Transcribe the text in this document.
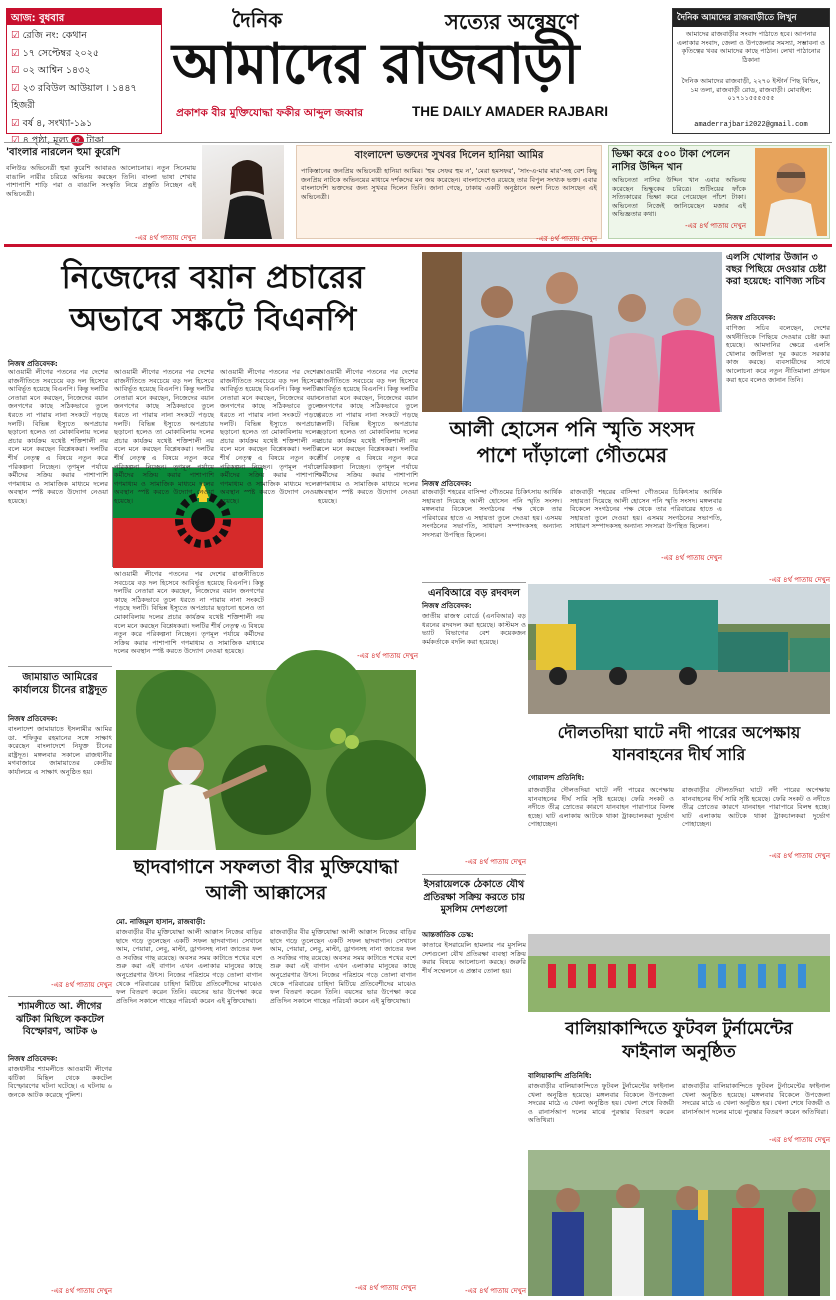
আজ: বুধবার
☑ রেজি নং: কেথান
☑ ১৭ সেপ্টেম্বর ২০২৫
☑ ০২ আশ্বিন ১৪৩২
☑ ২৩ রবিউল আউয়াল । ১৪৪৭ হিজরী
☑ বর্ষ ৪, সংখ্যা-১৯১
☑ ৪ পৃষ্ঠা, মূল্য ৫ টাকা
দৈনিক	সত্যের অন্বেষণে
আমাদের রাজবাড়ী
প্রকাশক বীর মুক্তিযোদ্ধা ফকীর আব্দুল জব্বার	THE DAILY AMADER RAJBARI
দৈনিক আমাদের রাজবাড়ীতে লিখুন
আমাদের রাজবাড়ীর সংবাদ পাঠাতে হবে। আপনার এলাকার সংবাদ, জেলা ও উপজেলার সমস্যা, সম্ভাবনা ও কৃতিত্বের খবর আমাদের কাছে পাঠান। লেখা পাঠানোর ঠিকানা
দৈনিক আমাদের রাজবাড়ী, ২২৭০ ইস্টার্ন পিছ বিল্ডিং, ১ম তলা, রাজবাড়ী রোড, রাজবাড়ী। মোবাইল: ০১৭১১৫৫৫৫৫৫
amaderrajbari2022@gmail.com
'বাংলার নারলেন হুমা কুরেশি
বলিউড অভিনেত্রী হুমা কুরেশি আবারও আলোচনায়। নতুন সিনেমায় বাঙালি নারীর চরিত্রে অভিনয় করছেন তিনি। বাংলা ভাষা শেখার পাশাপাশি শাড়ি পরা ও বাঙালি সংস্কৃতি নিয়ে প্রস্তুতি নিচ্ছেন এই অভিনেত্রী।
-এর ৪র্থ পাতায় দেখুন
বাংলাদেশ ভক্তদের সুখবর দিলেন হানিয়া আমির
পাকিস্তানের জনপ্রিয় অভিনেত্রী হানিয়া আমির। 'হুম সেফর হুম ন', 'মেরা হমসফর', 'সাং-এ-মার মার'-সহ বেশ কিছু জনপ্রিয় নাটকে অভিনয়ের মাধ্যমে দর্শকদের মন জয় করেছেন। বাংলাদেশেও রয়েছে তার বিপুল সংখ্যক ভক্ত। এবার বাংলাদেশি ভক্তদের জন্য সুখবর দিলেন তিনি। জানা গেছে, ঢাকায় একটি অনুষ্ঠানে অংশ নিতে আসছেন এই অভিনেত্রী।
-এর ৪র্থ পাতায় দেখুন
ভিক্ষা করে ৫০০ টাকা পেলেন নাসির উদ্দিন খান
অভিনেতা নাসির উদ্দিন খান এবার অভিনয় করেছেন ভিক্ষুকের চরিত্রে। শুটিংয়ের ফাঁকে সত্যিকারের ভিক্ষা করে পেয়েছেন পাঁচশ টাকা। অভিনেতা নিজেই জানিয়েছেন মজার এই অভিজ্ঞতার কথা।
-এর ৪র্থ পাতায় দেখুন
নিজেদের বয়ান প্রচারের অভাবে সঙ্কটে বিএনপি
নিজস্ব প্রতিবেদক:
আওয়ামী লীগের পতনের পর দেশের রাজনীতিতে সবচেয়ে বড় দল হিসেবে আবির্ভূত হয়েছে বিএনপি। কিন্তু দলটির নেতারা মনে করছেন, নিজেদের বয়ান জনগণের কাছে সঠিকভাবে তুলে ধরতে না পারায় নানা সংকটে পড়ছে দলটি। বিভিন্ন ইস্যুতে অপপ্রচার ছড়ানো হলেও তা মোকাবিলায় দলের প্রচার কার্যক্রম যথেষ্ট শক্তিশালী নয় বলে মনে করছেন বিশ্লেষকরা। দলটির শীর্ষ নেতৃত্ব এ বিষয়ে নতুন করে পরিকল্পনা নিচ্ছেন। তৃণমূল পর্যায়ে কর্মীদের সক্রিয় করার পাশাপাশি গণমাধ্যম ও সামাজিক মাধ্যমে দলের অবস্থান স্পষ্ট করতে উদ্যোগ নেওয়া হয়েছে।
আওয়ামী লীগের পতনের পর দেশের রাজনীতিতে সবচেয়ে বড় দল হিসেবে আবির্ভূত হয়েছে বিএনপি। কিন্তু দলটির নেতারা মনে করছেন, নিজেদের বয়ান জনগণের কাছে সঠিকভাবে তুলে ধরতে না পারায় নানা সংকটে পড়ছে দলটি। বিভিন্ন ইস্যুতে অপপ্রচার ছড়ানো হলেও তা মোকাবিলায় দলের প্রচার কার্যক্রম যথেষ্ট শক্তিশালী নয় বলে মনে করছেন বিশ্লেষকরা। দলটির শীর্ষ নেতৃত্ব এ বিষয়ে নতুন করে পরিকল্পনা নিচ্ছেন। তৃণমূল পর্যায়ে কর্মীদের সক্রিয় করার পাশাপাশি গণমাধ্যম ও সামাজিক মাধ্যমে দলের অবস্থান স্পষ্ট করতে উদ্যোগ নেওয়া হয়েছে।
আওয়ামী লীগের পতনের পর দেশের রাজনীতিতে সবচেয়ে বড় দল হিসেবে আবির্ভূত হয়েছে বিএনপি। কিন্তু দলটির নেতারা মনে করছেন, নিজেদের বয়ান জনগণের কাছে সঠিকভাবে তুলে ধরতে না পারায় নানা সংকটে পড়ছে দলটি। বিভিন্ন ইস্যুতে অপপ্রচার ছড়ানো হলেও তা মোকাবিলায় দলের প্রচার কার্যক্রম যথেষ্ট শক্তিশালী নয় বলে মনে করছেন বিশ্লেষকরা। দলটির শীর্ষ নেতৃত্ব এ বিষয়ে নতুন করে পরিকল্পনা নিচ্ছেন। তৃণমূল পর্যায়ে কর্মীদের সক্রিয় করার পাশাপাশি গণমাধ্যম ও সামাজিক মাধ্যমে দলের অবস্থান স্পষ্ট করতে উদ্যোগ নেওয়া হয়েছে।
আওয়ামী লীগের পতনের পর দেশের রাজনীতিতে সবচেয়ে বড় দল হিসেবে আবির্ভূত হয়েছে বিএনপি। কিন্তু দলটির নেতারা মনে করছেন, নিজেদের বয়ান জনগণের কাছে সঠিকভাবে তুলে ধরতে না পারায় নানা সংকটে পড়ছে দলটি। বিভিন্ন ইস্যুতে অপপ্রচার ছড়ানো হলেও তা মোকাবিলায় দলের প্রচার কার্যক্রম যথেষ্ট শক্তিশালী নয় বলে মনে করছেন বিশ্লেষকরা। দলটির শীর্ষ নেতৃত্ব এ বিষয়ে নতুন করে পরিকল্পনা নিচ্ছেন। তৃণমূল পর্যায়ে কর্মীদের সক্রিয় করার পাশাপাশি গণমাধ্যম ও সামাজিক মাধ্যমে দলের অবস্থান স্পষ্ট করতে উদ্যোগ নেওয়া হয়েছে।
আওয়ামী লীগের পতনের পর দেশের রাজনীতিতে সবচেয়ে বড় দল হিসেবে আবির্ভূত হয়েছে বিএনপি। কিন্তু দলটির নেতারা মনে করছেন, নিজেদের বয়ান জনগণের কাছে সঠিকভাবে তুলে ধরতে না পারায় নানা সংকটে পড়ছে দলটি। বিভিন্ন ইস্যুতে অপপ্রচার ছড়ানো হলেও তা মোকাবিলায় দলের প্রচার কার্যক্রম যথেষ্ট শক্তিশালী নয় বলে মনে করছেন বিশ্লেষকরা। দলটির শীর্ষ নেতৃত্ব এ বিষয়ে নতুন করে পরিকল্পনা নিচ্ছেন। তৃণমূল পর্যায়ে কর্মীদের সক্রিয় করার পাশাপাশি গণমাধ্যম ও সামাজিক মাধ্যমে দলের অবস্থান স্পষ্ট করতে উদ্যোগ নেওয়া হয়েছে।
-এর ৪র্থ পাতায় দেখুন
আলী হোসেন পনি স্মৃতি সংসদ পাশে দাঁড়ালো গৌতমের
নিজস্ব প্রতিবেদক:
রাজবাড়ী শহরের বাসিন্দা গৌতমের চিকিৎসায় আর্থিক সহায়তা দিয়েছে আলী হোসেন পনি স্মৃতি সংসদ। মঙ্গলবার বিকেলে সংগঠনের পক্ষ থেকে তার পরিবারের হাতে এ সহায়তা তুলে দেওয়া হয়। এসময় সংগঠনের সভাপতি, সাধারণ সম্পাদকসহ অন্যান্য সদস্যরা উপস্থিত ছিলেন।
রাজবাড়ী শহরের বাসিন্দা গৌতমের চিকিৎসায় আর্থিক সহায়তা দিয়েছে আলী হোসেন পনি স্মৃতি সংসদ। মঙ্গলবার বিকেলে সংগঠনের পক্ষ থেকে তার পরিবারের হাতে এ সহায়তা তুলে দেওয়া হয়। এসময় সংগঠনের সভাপতি, সাধারণ সম্পাদকসহ অন্যান্য সদস্যরা উপস্থিত ছিলেন।
-এর ৪র্থ পাতায় দেখুন
এলসি খোলার উজান ৩ বছর পিছিয়ে দেওয়ার চেষ্টা করা হয়েছে: বাণিজ্য সচিব
নিজস্ব প্রতিবেদক:
বাণিজ্য সচিব বলেছেন, দেশের অর্থনীতিকে পিছিয়ে দেওয়ার চেষ্টা করা হয়েছে। আমদানির ক্ষেত্রে এলসি খোলার জটিলতা দূর করতে সরকার কাজ করছে। ব্যবসায়ীদের সাথে আলোচনা করে নতুন নীতিমালা প্রণয়ন করা হবে বলেও জানান তিনি।
-এর ৪র্থ পাতায় দেখুন
জামায়াত আমিরের কার্যালয়ে চীনের রাষ্ট্রদূত
নিজস্ব প্রতিবেদক:
বাংলাদেশ জামায়াতে ইসলামীর আমির ডা. শফিকুর রহমানের সঙ্গে সাক্ষাৎ করেছেন বাংলাদেশে নিযুক্ত চীনের রাষ্ট্রদূত। মঙ্গলবার সকালে রাজধানীর মগবাজারে জামায়াতের কেন্দ্রীয় কার্যালয়ে এ সাক্ষাৎ অনুষ্ঠিত হয়।
-এর ৪র্থ পাতায় দেখুন
শ্যামলীতে আ. লীগের ঝটিকা মিছিলে ককটেল বিস্ফোরণ, আটক ৬
নিজস্ব প্রতিবেদক:
রাজধানীর শ্যামলীতে আওয়ামী লীগের ঝটিকা মিছিল থেকে ককটেল বিস্ফোরণের ঘটনা ঘটেছে। এ ঘটনায় ৬ জনকে আটক করেছে পুলিশ।
-এর ৪র্থ পাতায় দেখুন
ছাদবাগানে সফলতা বীর মুক্তিযোদ্ধা আলী আক্কাসের
মো. নাজিমুল হাসান, রাজবাড়ী:
রাজবাড়ীর বীর মুক্তিযোদ্ধা আলী আক্কাস নিজের বাড়ির ছাদে গড়ে তুলেছেন একটি সফল ছাদবাগান। সেখানে আম, পেয়ারা, লেবু, মাল্টা, ড্রাগনসহ নানা জাতের ফল ও সবজির গাছ রয়েছে। অবসর সময় কাটাতে শখের বশে শুরু করা এই বাগান এখন এলাকার মানুষের কাছে অনুপ্রেরণার উৎস। নিজের পরিশ্রমে গড়ে তোলা বাগান থেকে পরিবারের চাহিদা মিটিয়ে প্রতিবেশীদের মাঝেও ফল বিতরণ করেন তিনি। বয়সের ভার উপেক্ষা করে প্রতিদিন সকালে গাছের পরিচর্যা করেন এই মুক্তিযোদ্ধা।
রাজবাড়ীর বীর মুক্তিযোদ্ধা আলী আক্কাস নিজের বাড়ির ছাদে গড়ে তুলেছেন একটি সফল ছাদবাগান। সেখানে আম, পেয়ারা, লেবু, মাল্টা, ড্রাগনসহ নানা জাতের ফল ও সবজির গাছ রয়েছে। অবসর সময় কাটাতে শখের বশে শুরু করা এই বাগান এখন এলাকার মানুষের কাছে অনুপ্রেরণার উৎস। নিজের পরিশ্রমে গড়ে তোলা বাগান থেকে পরিবারের চাহিদা মিটিয়ে প্রতিবেশীদের মাঝেও ফল বিতরণ করেন তিনি। বয়সের ভার উপেক্ষা করে প্রতিদিন সকালে গাছের পরিচর্যা করেন এই মুক্তিযোদ্ধা।
-এর ৪র্থ পাতায় দেখুন
এনবিআরে বড় রদবদল
নিজস্ব প্রতিবেদক:
জাতীয় রাজস্ব বোর্ডে (এনবিআর) বড় ধরনের রদবদল করা হয়েছে। কাস্টমস ও ভ্যাট বিভাগের বেশ কয়েকজন কর্মকর্তাকে বদলি করা হয়েছে।
-এর ৪র্থ পাতায় দেখুন
দৌলতদিয়া ঘাটে নদী পারের অপেক্ষায় যানবাহনের দীর্ঘ সারি
গোয়ালন্দ প্রতিনিধি:
রাজবাড়ীর দৌলতদিয়া ঘাটে নদী পারের অপেক্ষায় যানবাহনের দীর্ঘ সারি সৃষ্টি হয়েছে। ফেরি সংকট ও নদীতে তীব্র স্রোতের কারণে যানবাহন পারাপারে বিলম্ব হচ্ছে। ঘাট এলাকায় আটকে থাকা ট্রাকচালকরা দুর্ভোগ পোহাচ্ছেন।
রাজবাড়ীর দৌলতদিয়া ঘাটে নদী পারের অপেক্ষায় যানবাহনের দীর্ঘ সারি সৃষ্টি হয়েছে। ফেরি সংকট ও নদীতে তীব্র স্রোতের কারণে যানবাহন পারাপারে বিলম্ব হচ্ছে। ঘাট এলাকায় আটকে থাকা ট্রাকচালকরা দুর্ভোগ পোহাচ্ছেন।
-এর ৪র্থ পাতায় দেখুন
ইসরায়েলকে ঠেকাতে যৌথ প্রতিরক্ষা সক্রিয় করতে চায় মুসলিম দেশগুলো
আন্তর্জাতিক ডেস্ক:
কাতারে ইসরায়েলি হামলার পর মুসলিম দেশগুলো যৌথ প্রতিরক্ষা ব্যবস্থা সক্রিয় করার বিষয়ে আলোচনা করছে। জরুরি শীর্ষ সম্মেলনে এ প্রস্তাব তোলা হয়।
-এর ৪র্থ পাতায় দেখুন
বালিয়াকান্দিতে ফুটবল টুর্নামেন্টের ফাইনাল অনুষ্ঠিত
বালিয়াকান্দি প্রতিনিধি:
রাজবাড়ীর বালিয়াকান্দিতে ফুটবল টুর্নামেন্টের ফাইনাল খেলা অনুষ্ঠিত হয়েছে। মঙ্গলবার বিকেলে উপজেলা সদরের মাঠে এ খেলা অনুষ্ঠিত হয়। খেলা শেষে বিজয়ী ও রানার্সআপ দলের মাঝে পুরস্কার বিতরণ করেন অতিথিরা।
রাজবাড়ীর বালিয়াকান্দিতে ফুটবল টুর্নামেন্টের ফাইনাল খেলা অনুষ্ঠিত হয়েছে। মঙ্গলবার বিকেলে উপজেলা সদরের মাঠে এ খেলা অনুষ্ঠিত হয়। খেলা শেষে বিজয়ী ও রানার্সআপ দলের মাঝে পুরস্কার বিতরণ করেন অতিথিরা।
-এর ৪র্থ পাতায় দেখুন
